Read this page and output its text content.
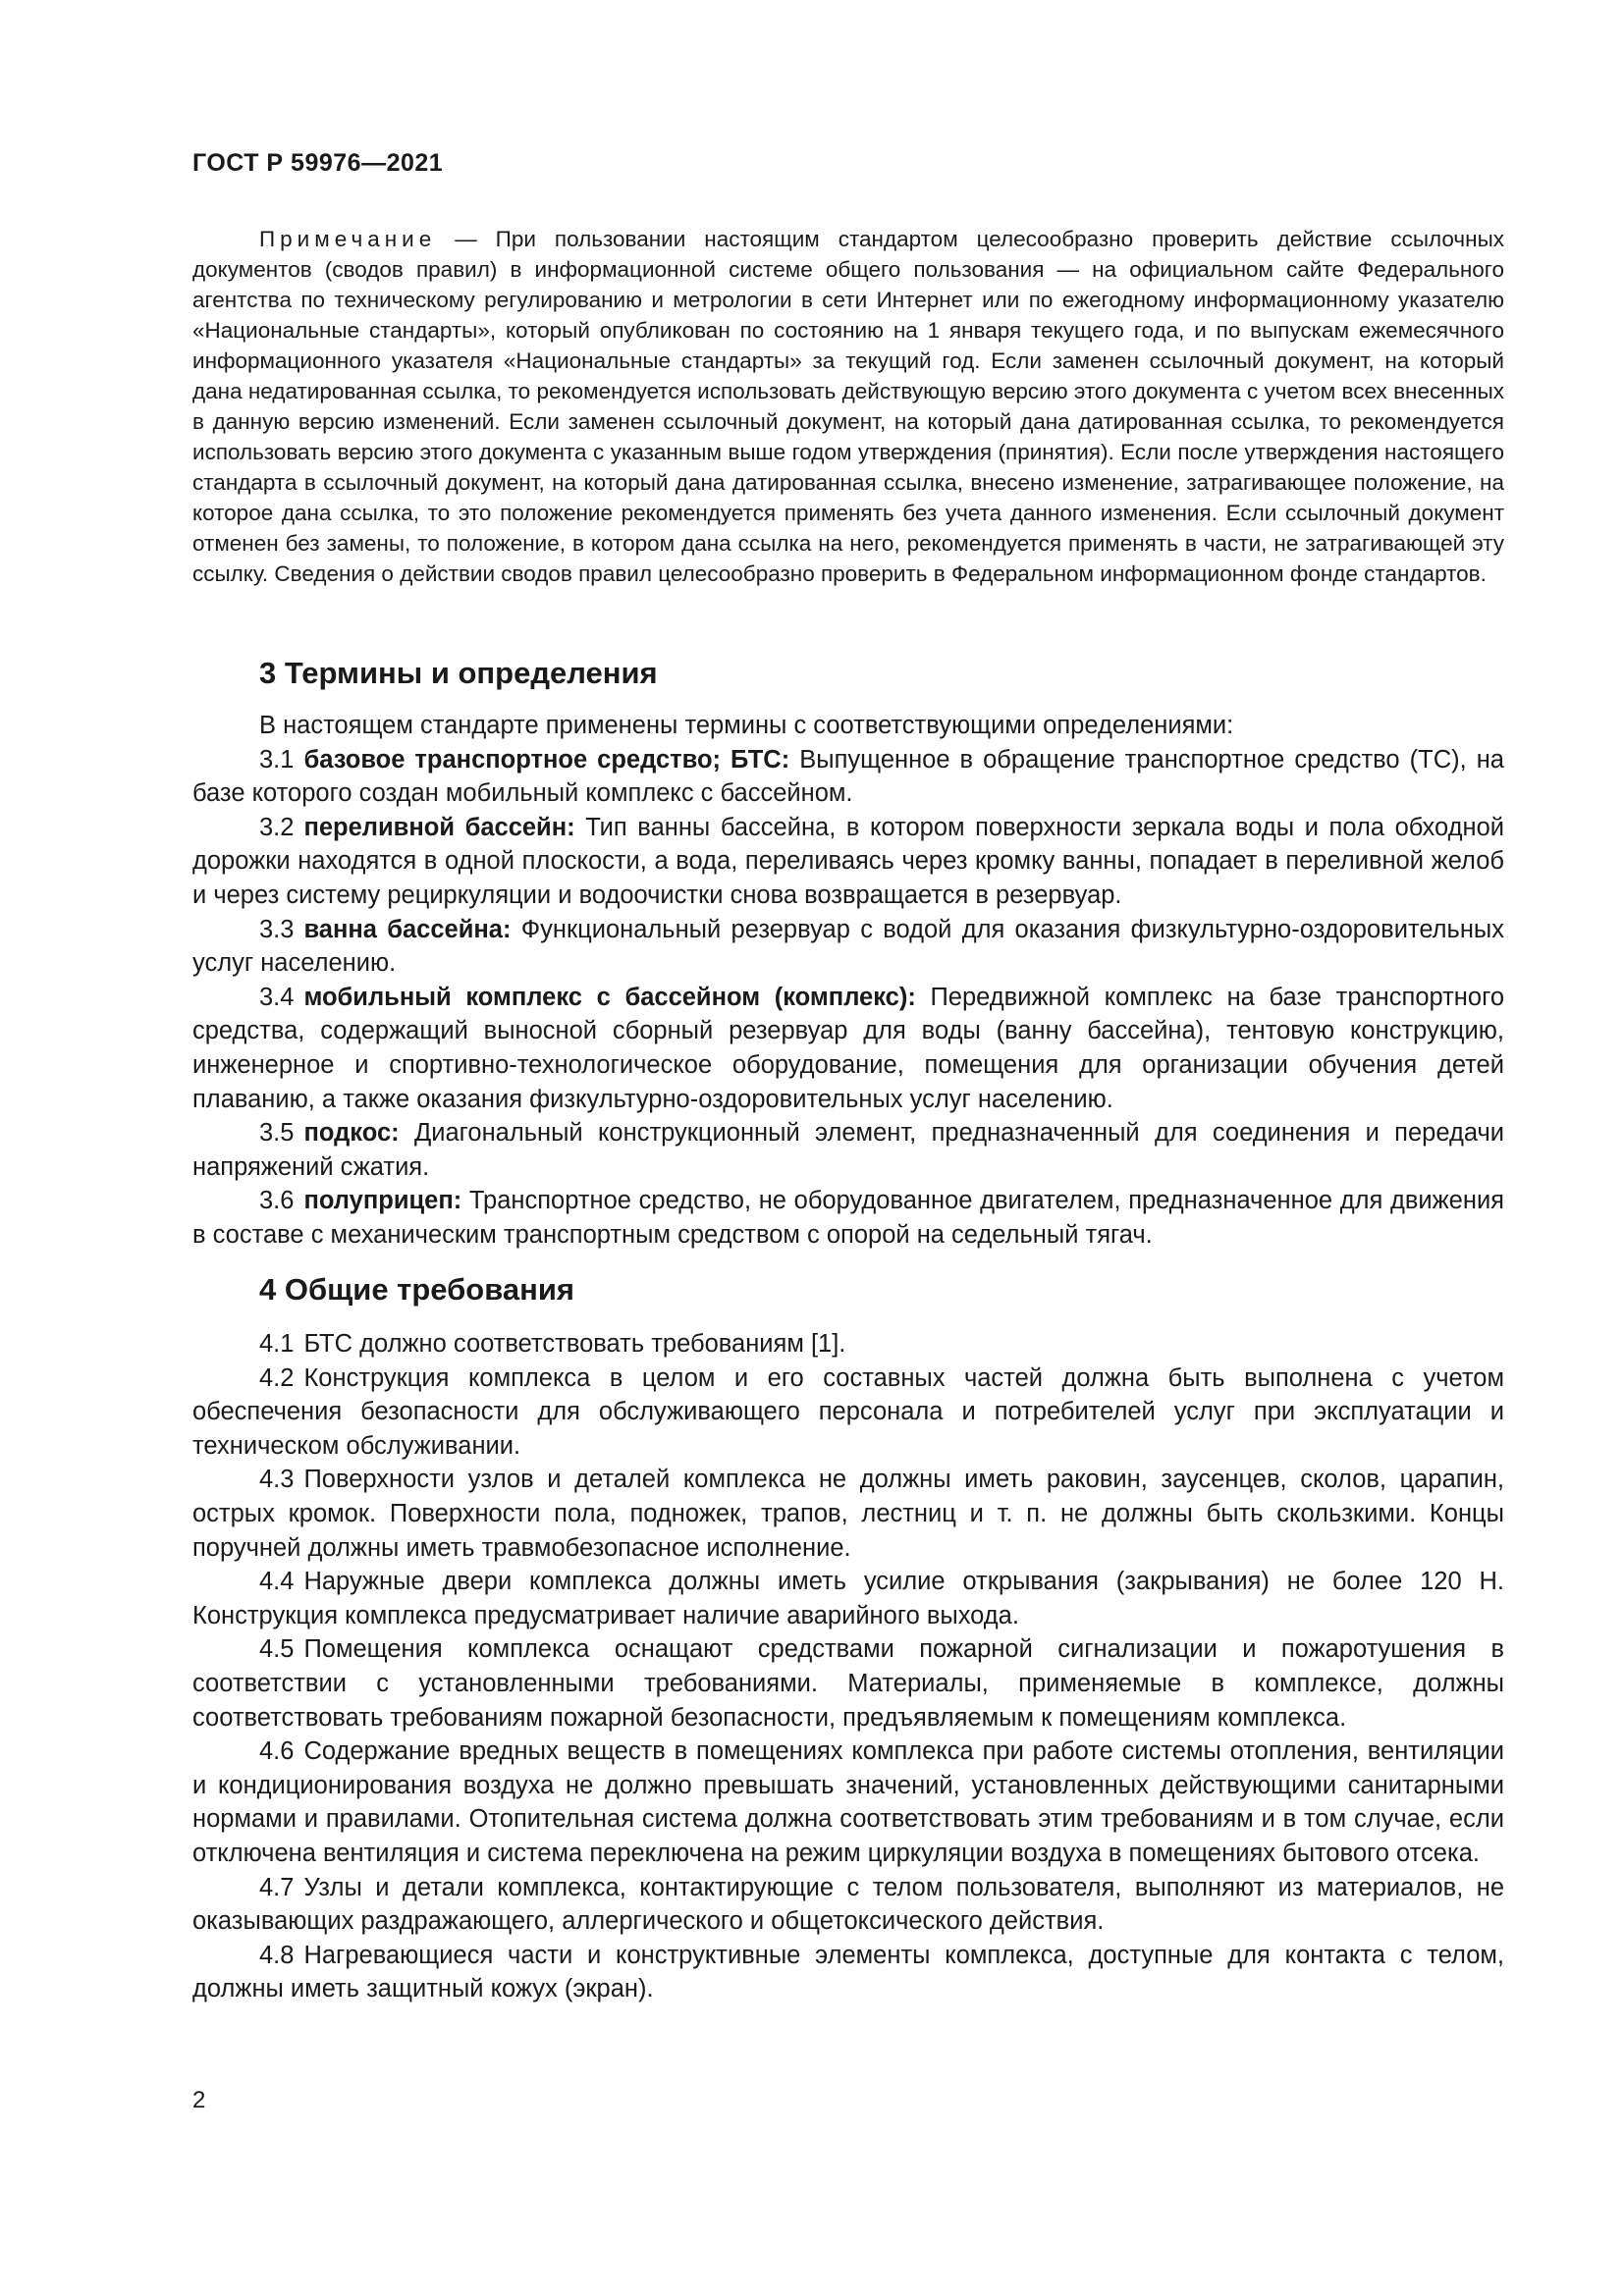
ГОСТ Р 59976—2021

Примечание — При пользовании настоящим стандартом целесообразно проверить действие ссылочных документов (сводов правил) в информационной системе общего пользования — на официальном сайте Федерального агентства по техническому регулированию и метрологии в сети Интернет или по ежегодному информационному указателю «Национальные стандарты», который опубликован по состоянию на 1 января текущего года, и по выпускам ежемесячного информационного указателя «Национальные стандарты» за текущий год. Если заменен ссылочный документ, на который дана недатированная ссылка, то рекомендуется использовать действующую версию этого документа с учетом всех внесенных в данную версию изменений. Если заменен ссылочный документ, на который дана датированная ссылка, то рекомендуется использовать версию этого документа с указанным выше годом утверждения (принятия). Если после утверждения настоящего стандарта в ссылочный документ, на который дана датированная ссылка, внесено изменение, затрагивающее положение, на которое дана ссылка, то это положение рекомендуется применять без учета данного изменения. Если ссылочный документ отменен без замены, то положение, в котором дана ссылка на него, рекомендуется применять в части, не затрагивающей эту ссылку. Сведения о действии сводов правил целесообразно проверить в Федеральном информационном фонде стандартов.

3 Термины и определения

В настоящем стандарте применены термины с соответствующими определениями:

3.1 базовое транспортное средство; БТС: Выпущенное в обращение транспортное средство (ТС), на базе которого создан мобильный комплекс с бассейном.

3.2 переливной бассейн: Тип ванны бассейна, в котором поверхности зеркала воды и пола обходной дорожки находятся в одной плоскости, а вода, переливаясь через кромку ванны, попадает в переливной желоб и через систему рециркуляции и водоочистки снова возвращается в резервуар.

3.3 ванна бассейна: Функциональный резервуар с водой для оказания физкультурно-оздоровительных услуг населению.

3.4 мобильный комплекс с бассейном (комплекс): Передвижной комплекс на базе транспортного средства, содержащий выносной сборный резервуар для воды (ванну бассейна), тентовую конструкцию, инженерное и спортивно-технологическое оборудование, помещения для организации обучения детей плаванию, а также оказания физкультурно-оздоровительных услуг населению.

3.5 подкос: Диагональный конструкционный элемент, предназначенный для соединения и передачи напряжений сжатия.

3.6 полуприцеп: Транспортное средство, не оборудованное двигателем, предназначенное для движения в составе с механическим транспортным средством с опорой на седельный тягач.

4 Общие требования

4.1 БТС должно соответствовать требованиям [1].

4.2 Конструкция комплекса в целом и его составных частей должна быть выполнена с учетом обеспечения безопасности для обслуживающего персонала и потребителей услуг при эксплуатации и техническом обслуживании.

4.3 Поверхности узлов и деталей комплекса не должны иметь раковин, заусенцев, сколов, царапин, острых кромок. Поверхности пола, подножек, трапов, лестниц и т. п. не должны быть скользкими. Концы поручней должны иметь травмобезопасное исполнение.

4.4 Наружные двери комплекса должны иметь усилие открывания (закрывания) не более 120 Н. Конструкция комплекса предусматривает наличие аварийного выхода.

4.5 Помещения комплекса оснащают средствами пожарной сигнализации и пожаротушения в соответствии с установленными требованиями. Материалы, применяемые в комплексе, должны соответствовать требованиям пожарной безопасности, предъявляемым к помещениям комплекса.

4.6 Содержание вредных веществ в помещениях комплекса при работе системы отопления, вентиляции и кондиционирования воздуха не должно превышать значений, установленных действующими санитарными нормами и правилами. Отопительная система должна соответствовать этим требованиям и в том случае, если отключена вентиляция и система переключена на режим циркуляции воздуха в помещениях бытового отсека.

4.7 Узлы и детали комплекса, контактирующие с телом пользователя, выполняют из материалов, не оказывающих раздражающего, аллергического и общетоксического действия.

4.8 Нагревающиеся части и конструктивные элементы комплекса, доступные для контакта с телом, должны иметь защитный кожух (экран).

2
